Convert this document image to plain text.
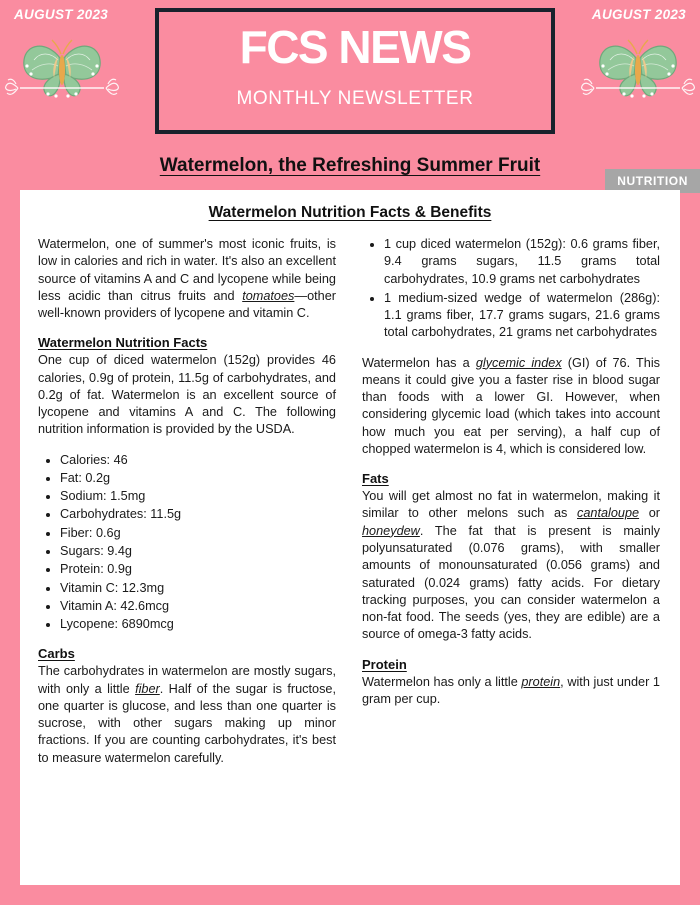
AUGUST 2023	AUGUST 2023
FCS NEWS
MONTHLY NEWSLETTER
Watermelon, the Refreshing Summer Fruit
NUTRITION
Watermelon Nutrition Facts & Benefits

Watermelon, one of summer's most iconic fruits, is low in calories and rich in water. It's also an excellent source of vitamins A and C and lycopene while being less acidic than citrus fruits and tomatoes—other well-known providers of lycopene and vitamin C.

Watermelon Nutrition Facts

One cup of diced watermelon (152g) provides 46 calories, 0.9g of protein, 11.5g of carbohydrates, and 0.2g of fat. Watermelon is an excellent source of lycopene and vitamins A and C. The following nutrition information is provided by the USDA.

• Calories: 46
• Fat: 0.2g
• Sodium: 1.5mg
• Carbohydrates: 11.5g
• Fiber: 0.6g
• Sugars: 9.4g
• Protein: 0.9g
• Vitamin C: 12.3mg
• Vitamin A: 42.6mcg
• Lycopene: 6890mcg
Carbs

The carbohydrates in watermelon are mostly sugars, with only a little fiber. Half of the sugar is fructose, one quarter is glucose, and less than one quarter is sucrose, with other sugars making up minor fractions. If you are counting carbohydrates, it's best to measure watermelon carefully.

• 1 cup diced watermelon (152g): 0.6 grams fiber, 9.4 grams sugars, 11.5 grams total carbohydrates, 10.9 grams net carbohydrates
• 1 medium-sized wedge of watermelon (286g): 1.1 grams fiber, 17.7 grams sugars, 21.6 grams total carbohydrates, 21 grams net carbohydrates

Watermelon has a glycemic index (GI) of 76. This means it could give you a faster rise in blood sugar than foods with a lower GI. However, when considering glycemic load (which takes into account how much you eat per serving), a half cup of chopped watermelon is 4, which is considered low.

Fats

You will get almost no fat in watermelon, making it similar to other melons such as cantaloupe or honeydew. The fat that is present is mainly polyunsaturated (0.076 grams), with smaller amounts of monounsaturated (0.056 grams) and saturated (0.024 grams) fatty acids. For dietary tracking purposes, you can consider watermelon a non-fat food. The seeds (yes, they are edible) are a source of omega-3 fatty acids.

Protein

Watermelon has only a little protein, with just under 1 gram per cup.
